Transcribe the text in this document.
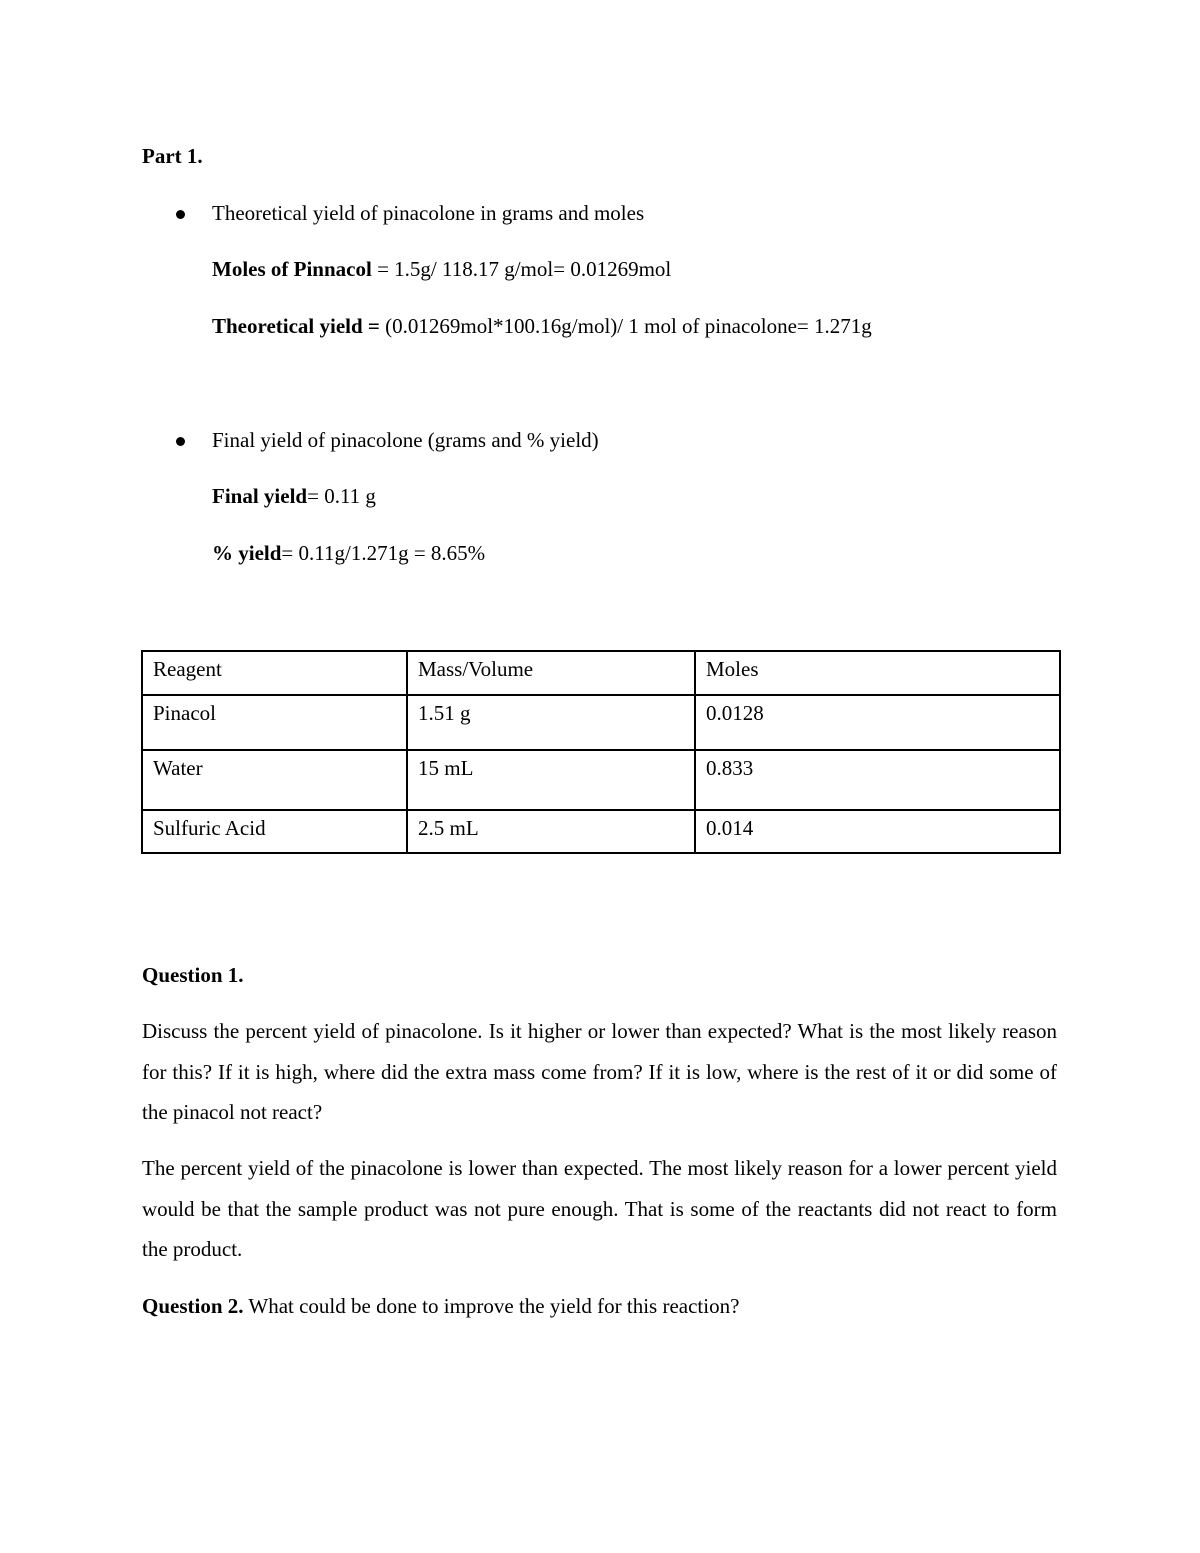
Part 1.
Theoretical yield of pinacolone in grams and moles
Moles of Pinnacol = 1.5g/ 118.17 g/mol= 0.01269mol
Theoretical yield = (0.01269mol*100.16g/mol)/ 1 mol of pinacolone= 1.271g
Final yield of pinacolone (grams and % yield)
Final yield= 0.11 g
% yield= 0.11g/1.271g = 8.65%
Reagent	Mass/Volume	Moles
Pinacol	1.51 g	0.0128
Water	15 mL	0.833
Sulfuric Acid	2.5 mL	0.014
Question 1.
Discuss the percent yield of pinacolone. Is it higher or lower than expected? What is the most likely reason for this? If it is high, where did the extra mass come from? If it is low, where is the rest of it or did some of the pinacol not react?
The percent yield of the pinacolone is lower than expected. The most likely reason for a lower percent yield would be that the sample product was not pure enough. That is some of the reactants did not react to form the product.
Question 2. What could be done to improve the yield for this reaction?
